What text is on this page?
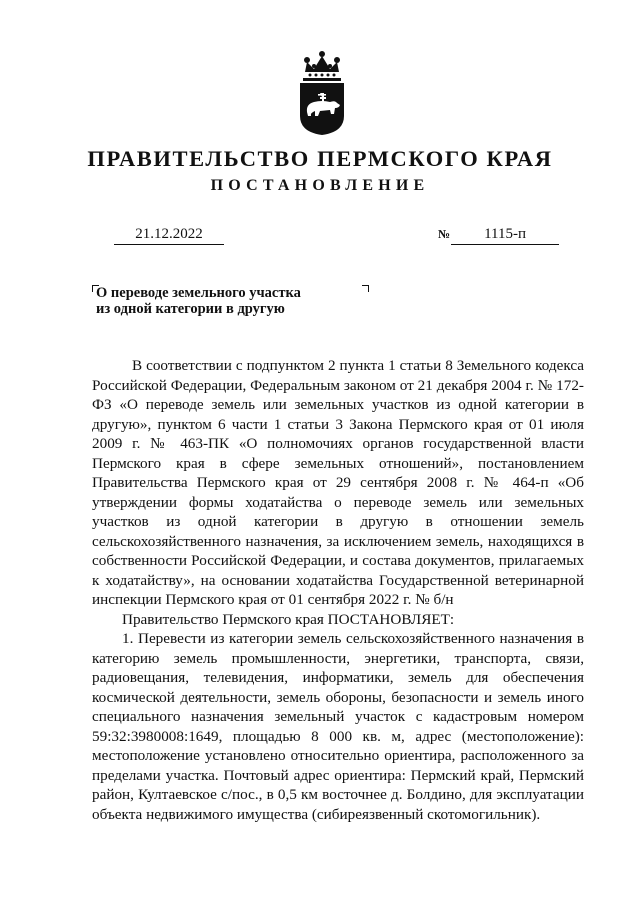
ПРАВИТЕЛЬСТВО ПЕРМСКОГО КРАЯ
ПОСТАНОВЛЕНИЕ
21.12.2022	№ 1115-п
О переводе земельного участка
из одной категории в другую

В соответствии с подпунктом 2 пункта 1 статьи 8 Земельного кодекса Российской Федерации, Федеральным законом от 21 декабря 2004 г. № 172-ФЗ «О переводе земель или земельных участков из одной категории в другую», пунктом 6 части 1 статьи 3 Закона Пермского края от 01 июля 2009 г. № 463-ПК «О полномочиях органов государственной власти Пермского края в сфере земельных отношений», постановлением Правительства Пермского края от 29 сентября 2008 г. № 464-п «Об утверждении формы ходатайства о переводе земель или земельных участков из одной категории в другую в отношении земель сельскохозяйственного назначения, за исключением земель, находящихся в собственности Российской Федерации, и состава документов, прилагаемых к ходатайству», на основании ходатайства Государственной ветеринарной инспекции Пермского края от 01 сентября 2022 г. № б/н

Правительство Пермского края ПОСТАНОВЛЯЕТ:

1. Перевести из категории земель сельскохозяйственного назначения в категорию земель промышленности, энергетики, транспорта, связи, радиовещания, телевидения, информатики, земель для обеспечения космической деятельности, земель обороны, безопасности и земель иного специального назначения земельный участок с кадастровым номером 59:32:3980008:1649, площадью 8 000 кв. м, адрес (местоположение): местоположение установлено относительно ориентира, расположенного за пределами участка. Почтовый адрес ориентира: Пермский край, Пермский район, Култаевское с/пос., в 0,5 км восточнее д. Болдино, для эксплуатации объекта недвижимого имущества (сибиреязвенный скотомогильник).
